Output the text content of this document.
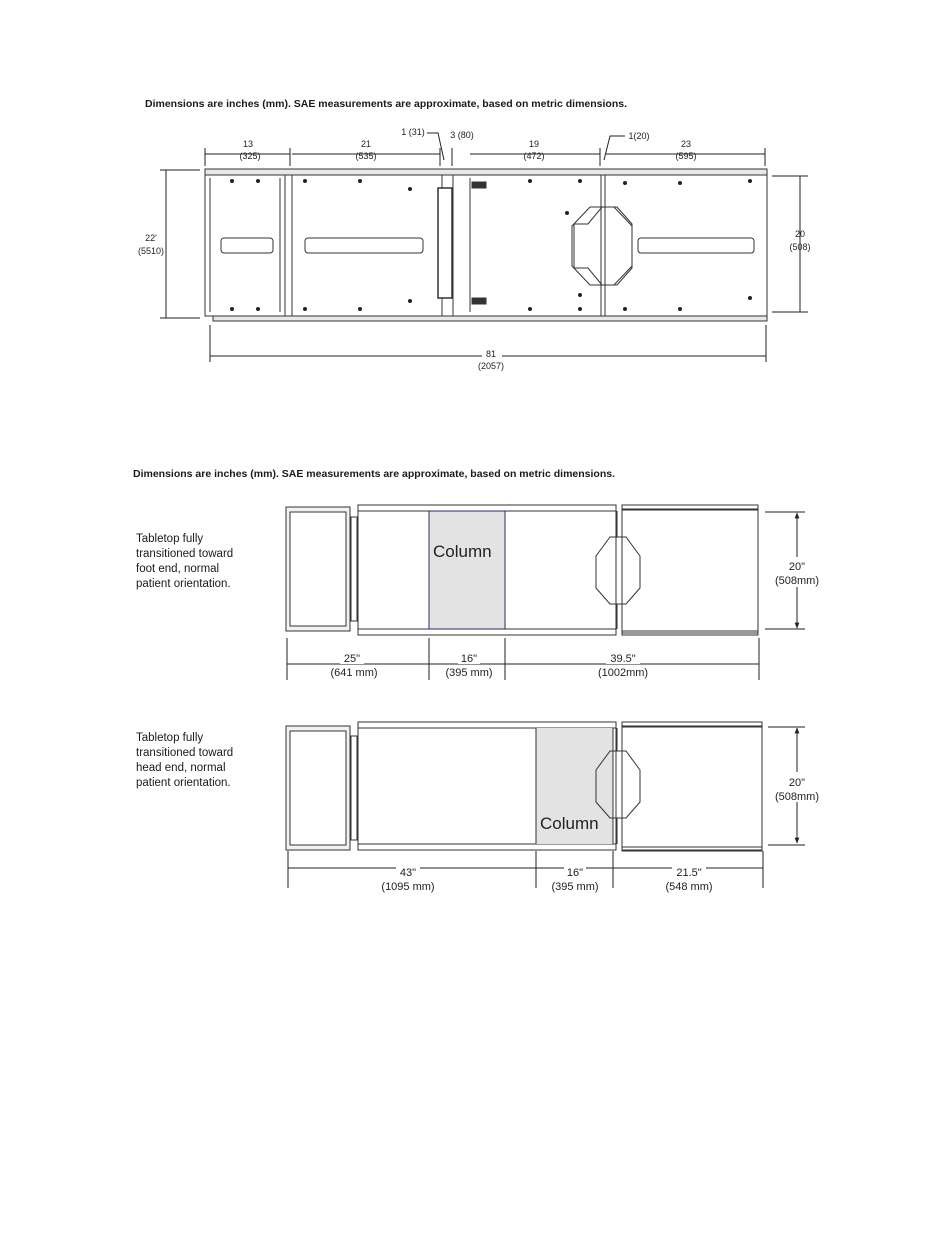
Dimensions are inches (mm). SAE measurements are approximate, based on metric dimensions.
Dimensions are inches (mm). SAE measurements are approximate, based on metric dimensions.
Tabletop fully
transitioned toward
foot end, normal
patient orientation.
Tabletop fully
transitioned toward
head end, normal
patient orientation.
13
(325)
21
(535)
1 (31)	3 (80)
19
(472)
1(20)
23
(595)
22'
(5510)
20
(508)
81
(2057)
Column
20"
(508mm)
25"
(641 mm)
16"
(395 mm)
39.5"
(1002mm)
Column
20"
(508mm)
43"
(1095 mm)
16"
(395 mm)
21.5"
(548 mm)
